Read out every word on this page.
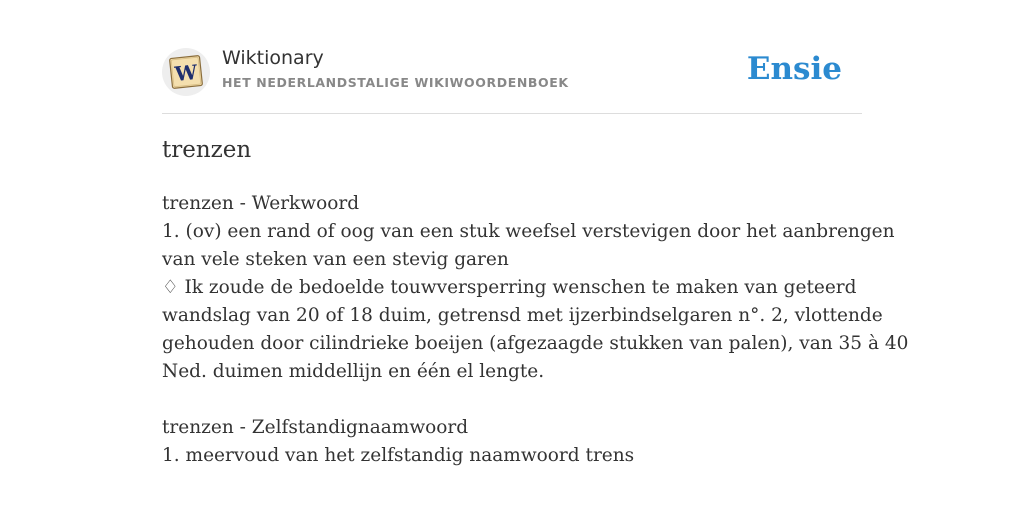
W
Wiktionary
HET NEDERLANDSTALIGE WIKIWOORDENBOEK	Ensie
trenzen
trenzen - Werkwoord
1. (ov) een rand of oog van een stuk weefsel verstevigen door het aanbrengen
van vele steken van een stevig garen
♢ Ik zoude de bedoelde touwversperring wenschen te maken van geteerd
wandslag van 20 of 18 duim, getrensd met ijzerbindselgaren n°. 2, vlottende
gehouden door cilindrieke boeijen (afgezaagde stukken van palen), van 35 à 40
Ned. duimen middellijn en één el lengte.
trenzen - Zelfstandignaamwoord
1. meervoud van het zelfstandig naamwoord trens
